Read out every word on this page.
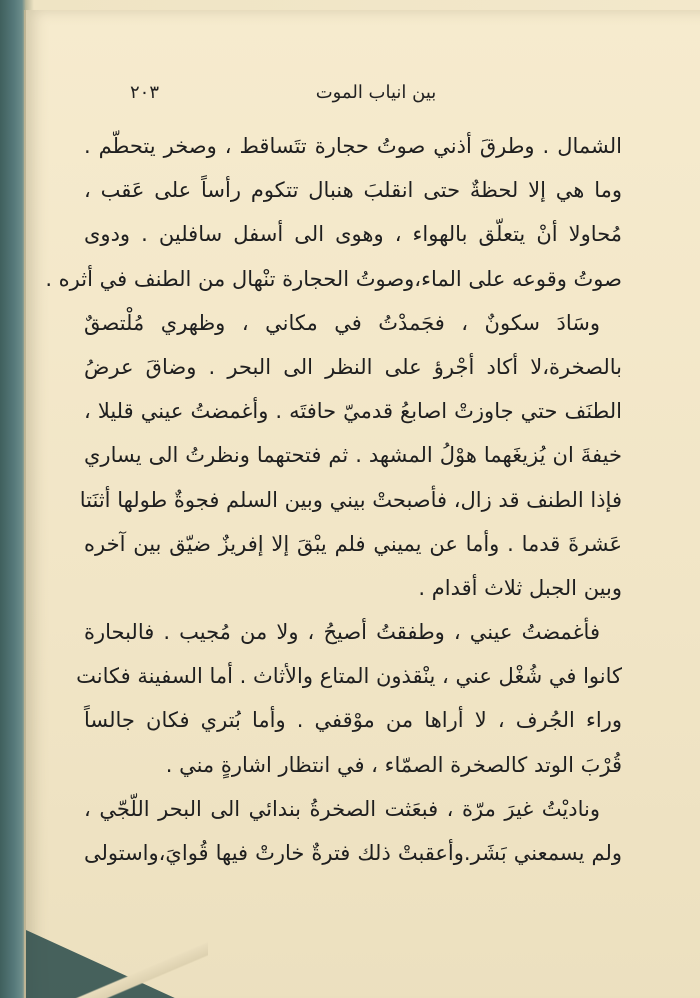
بين انياب الموت
٢٠٣
الشمال . وطرقَ أذني صوتُ حجارة تتَساقط ، وصخر يتحطّم .
وما هي إلا لحظةٌ حتى انقلبَ هنبال تتكوم رأساً على عَقب ،
مُحاولا أنْ يتعلّق بالهواء ، وهوى الى أسفل سافلين . ودوى
صوتُ وقوعه على الماء،وصوتُ الحجارة تنْهال من الطنف في أثره .
وسَادَ سكونٌ ، فجَمدْتُ في مكاني ، وظهري مُلْتصقٌ
بالصخرة،لا أكاد أجْرؤ على النظر الى البحر . وضاقَ عرضُ
الطنَف حتي جاوزتْ اصابعُ قدميّ حافتَه . وأغمضتُ عيني قليلا ،
خيفةَ ان يُزيغَهما هوْلُ المشهد . ثم فتحتهما ونظرتُ الى يساري
فإذا الطنف قد زال، فأصبحتْ بيني وبين السلم فجوةٌ طولها أثنَتا
عَشرةَ قدما . وأما عن يميني فلم يبْقَ إلا إفريزٌ ضيّق بين آخره
وبين الجبل ثلاث أقدام .
فأغمضتُ عيني ، وطفقتُ أصيحُ ، ولا من مُجيب . فالبحارة
كانوا في شُغْل عني ، ينْقذون المتاع والأثاث . أما السفينة فكانت
وراء الجُرف ، لا أراها من موْقفي . وأما بُتري فكان جالساً
قُرْبَ الوتد كالصخرة الصمّاء ، في انتظار اشارةٍ مني .
وناديْتُ غيرَ مرّة ، فبعَثت الصخرةُ بندائي الى البحر اللّجّي ،
ولم يسمعني بَشَر.وأعقبتْ ذلك فترةٌ خارتْ فيها قُوايَ،واستولى
